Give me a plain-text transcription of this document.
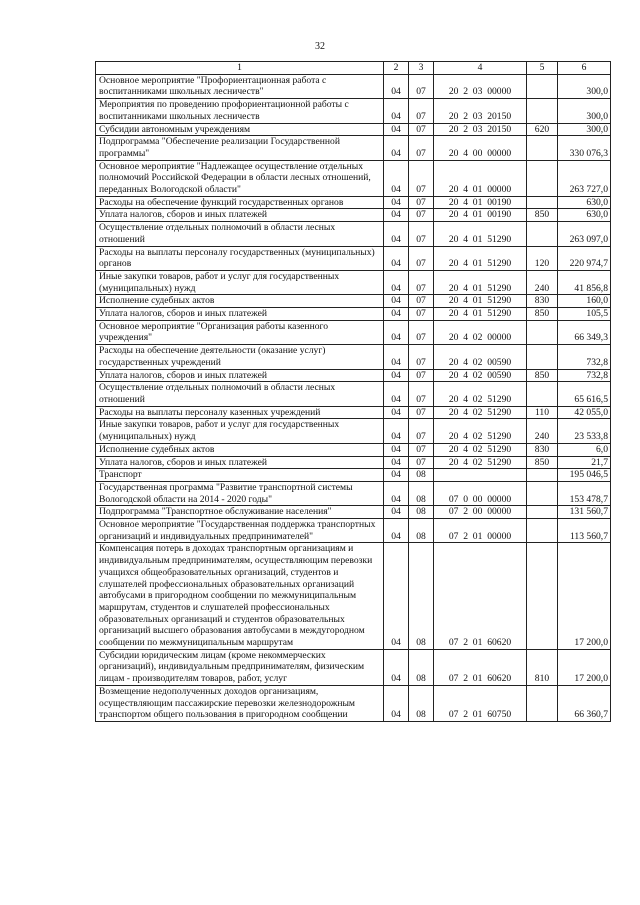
32
1	2	3	4	5	6
Основное мероприятие "Профориентационная работа с воспитанниками школьных лесничеств"	04	07	20  2  03  00000		300,0
Мероприятия по проведению профориентационной работы с воспитанниками школьных лесничеств	04	07	20  2  03  20150		300,0
Субсидии автономным учреждениям	04	07	20  2  03  20150	620	300,0
Подпрограмма "Обеспечение реализации Государственной программы"	04	07	20  4  00  00000		330 076,3
Основное мероприятие "Надлежащее осуществление отдельных полномочий Российской Федерации в области лесных отношений, переданных Вологодской области"	04	07	20  4  01  00000		263 727,0
Расходы на обеспечение функций государственных органов	04	07	20  4  01  00190		630,0
Уплата налогов, сборов и иных платежей	04	07	20  4  01  00190	850	630,0
Осуществление отдельных полномочий в области лесных отношений	04	07	20  4  01  51290		263 097,0
Расходы на выплаты персоналу государственных (муниципальных) органов	04	07	20  4  01  51290	120	220 974,7
Иные закупки товаров, работ и услуг для государственных (муниципальных) нужд	04	07	20  4  01  51290	240	41 856,8
Исполнение судебных актов	04	07	20  4  01  51290	830	160,0
Уплата налогов, сборов и иных платежей	04	07	20  4  01  51290	850	105,5
Основное мероприятие "Организация работы казенного учреждения"	04	07	20  4  02  00000		66 349,3
Расходы на обеспечение деятельности (оказание услуг) государственных учреждений	04	07	20  4  02  00590		732,8
Уплата налогов, сборов и иных платежей	04	07	20  4  02  00590	850	732,8
Осуществление отдельных полномочий в области лесных отношений	04	07	20  4  02  51290		65 616,5
Расходы на выплаты персоналу казенных учреждений	04	07	20  4  02  51290	110	42 055,0
Иные закупки товаров, работ и услуг для государственных (муниципальных) нужд	04	07	20  4  02  51290	240	23 533,8
Исполнение судебных актов	04	07	20  4  02  51290	830	6,0
Уплата налогов, сборов и иных платежей	04	07	20  4  02  51290	850	21,7
Транспорт	04	08			195 046,5
Государственная программа "Развитие транспортной системы Вологодской области на 2014 - 2020 годы"	04	08	07  0  00  00000		153 478,7
Подпрограмма "Транспортное обслуживание населения"	04	08	07  2  00  00000		131 560,7
Основное мероприятие "Государственная поддержка транспортных организаций и индивидуальных предпринимателей"	04	08	07  2  01  00000		113 560,7
Компенсация потерь в доходах транспортным организациям и индивидуальным предпринимателям, осуществляющим перевозки учащихся общеобразовательных организаций, студентов и слушателей профессиональных образовательных организаций автобусами в пригородном сообщении по межмуниципальным маршрутам, студентов и слушателей профессиональных образовательных организаций и студентов образовательных организаций высшего образования автобусами в междугородном сообщении по межмуниципальным маршрутам	04	08	07  2  01  60620		17 200,0
Субсидии юридическим лицам (кроме некоммерческих организаций), индивидуальным предпринимателям, физическим лицам - производителям товаров, работ, услуг	04	08	07  2  01  60620	810	17 200,0
Возмещение недополученных доходов организациям, осуществляющим пассажирские перевозки железнодорожным транспортом общего пользования в пригородном сообщении	04	08	07  2  01  60750		66 360,7
